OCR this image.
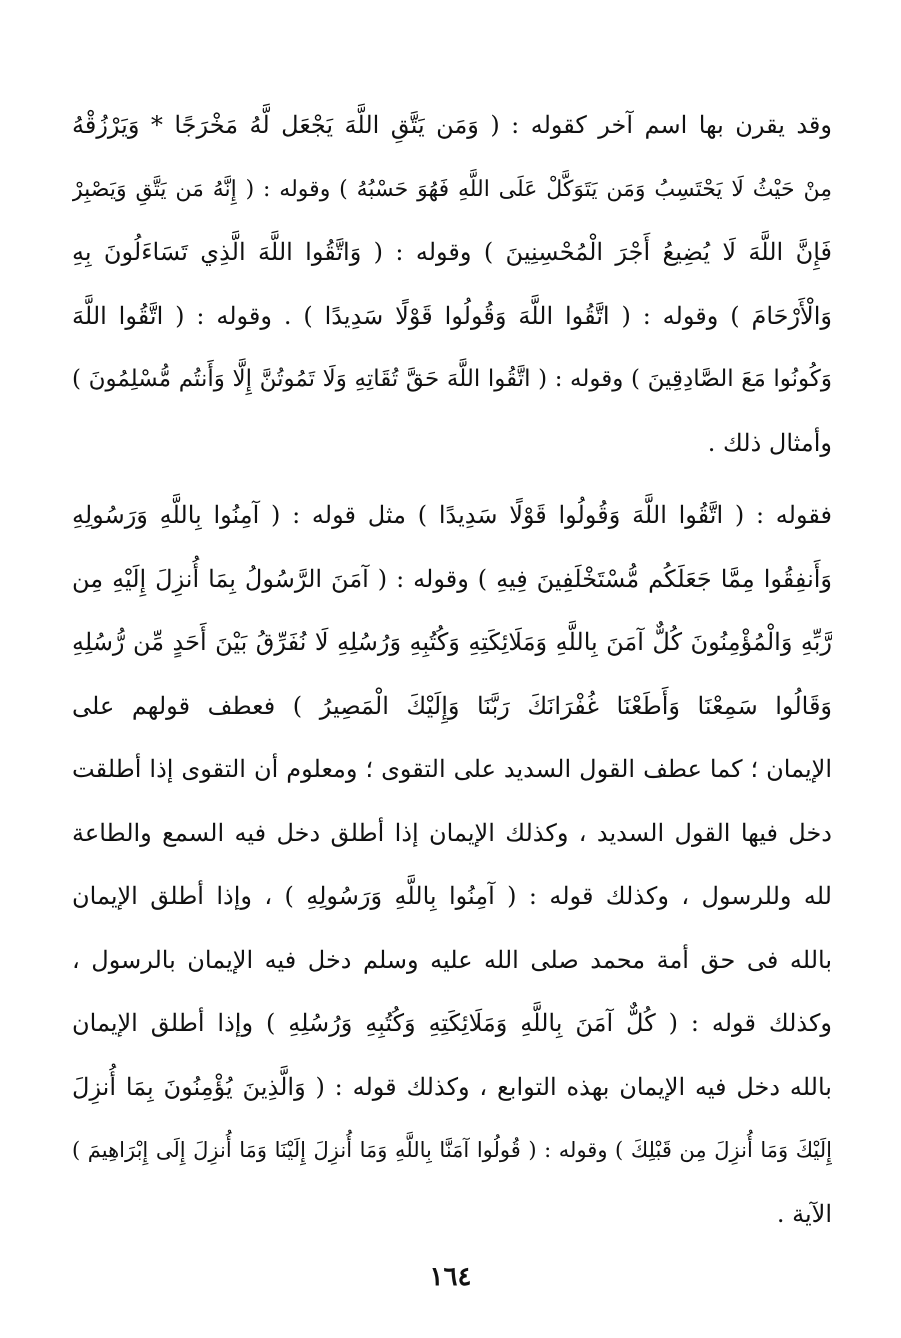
وقد يقرن بها اسم آخر كقوله : ( وَمَن يَتَّقِ اللَّهَ يَجْعَل لَّهُ مَخْرَجًا * وَيَرْزُقْهُ
مِنْ حَيْثُ لَا يَحْتَسِبُ وَمَن يَتَوَكَّلْ عَلَى اللَّهِ فَهُوَ حَسْبُهُ ) وقوله : ( إِنَّهُ مَن يَتَّقِ وَيَصْبِرْ
فَإِنَّ اللَّهَ لَا يُضِيعُ أَجْرَ الْمُحْسِنِينَ ) وقوله : ( وَاتَّقُوا اللَّهَ الَّذِي تَسَاءَلُونَ بِهِ
وَالْأَرْحَامَ ) وقوله : ( اتَّقُوا اللَّهَ وَقُولُوا قَوْلًا سَدِيدًا ) . وقوله : ( اتَّقُوا اللَّهَ
وَكُونُوا مَعَ الصَّادِقِينَ ) وقوله : ( اتَّقُوا اللَّهَ حَقَّ تُقَاتِهِ وَلَا تَمُوتُنَّ إِلَّا وَأَنتُم مُّسْلِمُونَ )
وأمثال ذلك .
فقوله : ( اتَّقُوا اللَّهَ وَقُولُوا قَوْلًا سَدِيدًا ) مثل قوله : ( آمِنُوا بِاللَّهِ وَرَسُولِهِ
وَأَنفِقُوا مِمَّا جَعَلَكُم مُّسْتَخْلَفِينَ فِيهِ ) وقوله : ( آمَنَ الرَّسُولُ بِمَا أُنزِلَ إِلَيْهِ مِن
رَّبِّهِ وَالْمُؤْمِنُونَ كُلٌّ آمَنَ بِاللَّهِ وَمَلَائِكَتِهِ وَكُتُبِهِ وَرُسُلِهِ لَا نُفَرِّقُ بَيْنَ أَحَدٍ مِّن رُّسُلِهِ
وَقَالُوا سَمِعْنَا وَأَطَعْنَا غُفْرَانَكَ رَبَّنَا وَإِلَيْكَ الْمَصِيرُ ) فعطف قولهم على
الإيمان ؛ كما عطف القول السديد على التقوى ؛ ومعلوم أن التقوى إذا أطلقت
دخل فيها القول السديد ، وكذلك الإيمان إذا أطلق دخل فيه السمع والطاعة
لله وللرسول ، وكذلك قوله : ( آمِنُوا بِاللَّهِ وَرَسُولِهِ ) ، وإذا أطلق الإيمان
بالله فى حق أمة محمد صلى الله عليه وسلم دخل فيه الإيمان بالرسول ،
وكذلك قوله : ( كُلٌّ آمَنَ بِاللَّهِ وَمَلَائِكَتِهِ وَكُتُبِهِ وَرُسُلِهِ ) وإذا أطلق الإيمان
بالله دخل فيه الإيمان بهذه التوابع ، وكذلك قوله : ( وَالَّذِينَ يُؤْمِنُونَ بِمَا أُنزِلَ
إِلَيْكَ وَمَا أُنزِلَ مِن قَبْلِكَ ) وقوله : ( قُولُوا آمَنَّا بِاللَّهِ وَمَا أُنزِلَ إِلَيْنَا وَمَا أُنزِلَ إِلَى إِبْرَاهِيمَ )
الآية .
١٦٤
